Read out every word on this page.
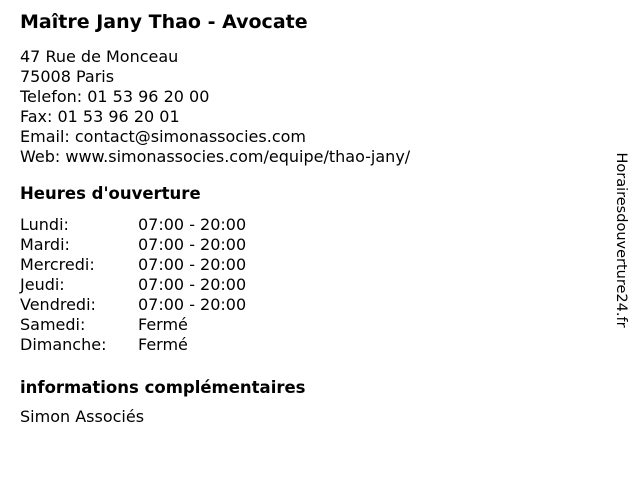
Maître Jany Thao - Avocate
47 Rue de Monceau
75008 Paris
Telefon: 01 53 96 20 00
Fax: 01 53 96 20 01
Email: contact@simonassocies.com
Web: www.simonassocies.com/equipe/thao-jany/
Heures d'ouverture
Lundi:	07:00 - 20:00
Mardi:	07:00 - 20:00
Mercredi:	07:00 - 20:00
Jeudi:	07:00 - 20:00
Vendredi:	07:00 - 20:00
Samedi:	Fermé
Dimanche:	Fermé
informations complémentaires
Simon Associés
Horairesdouverture24.fr
